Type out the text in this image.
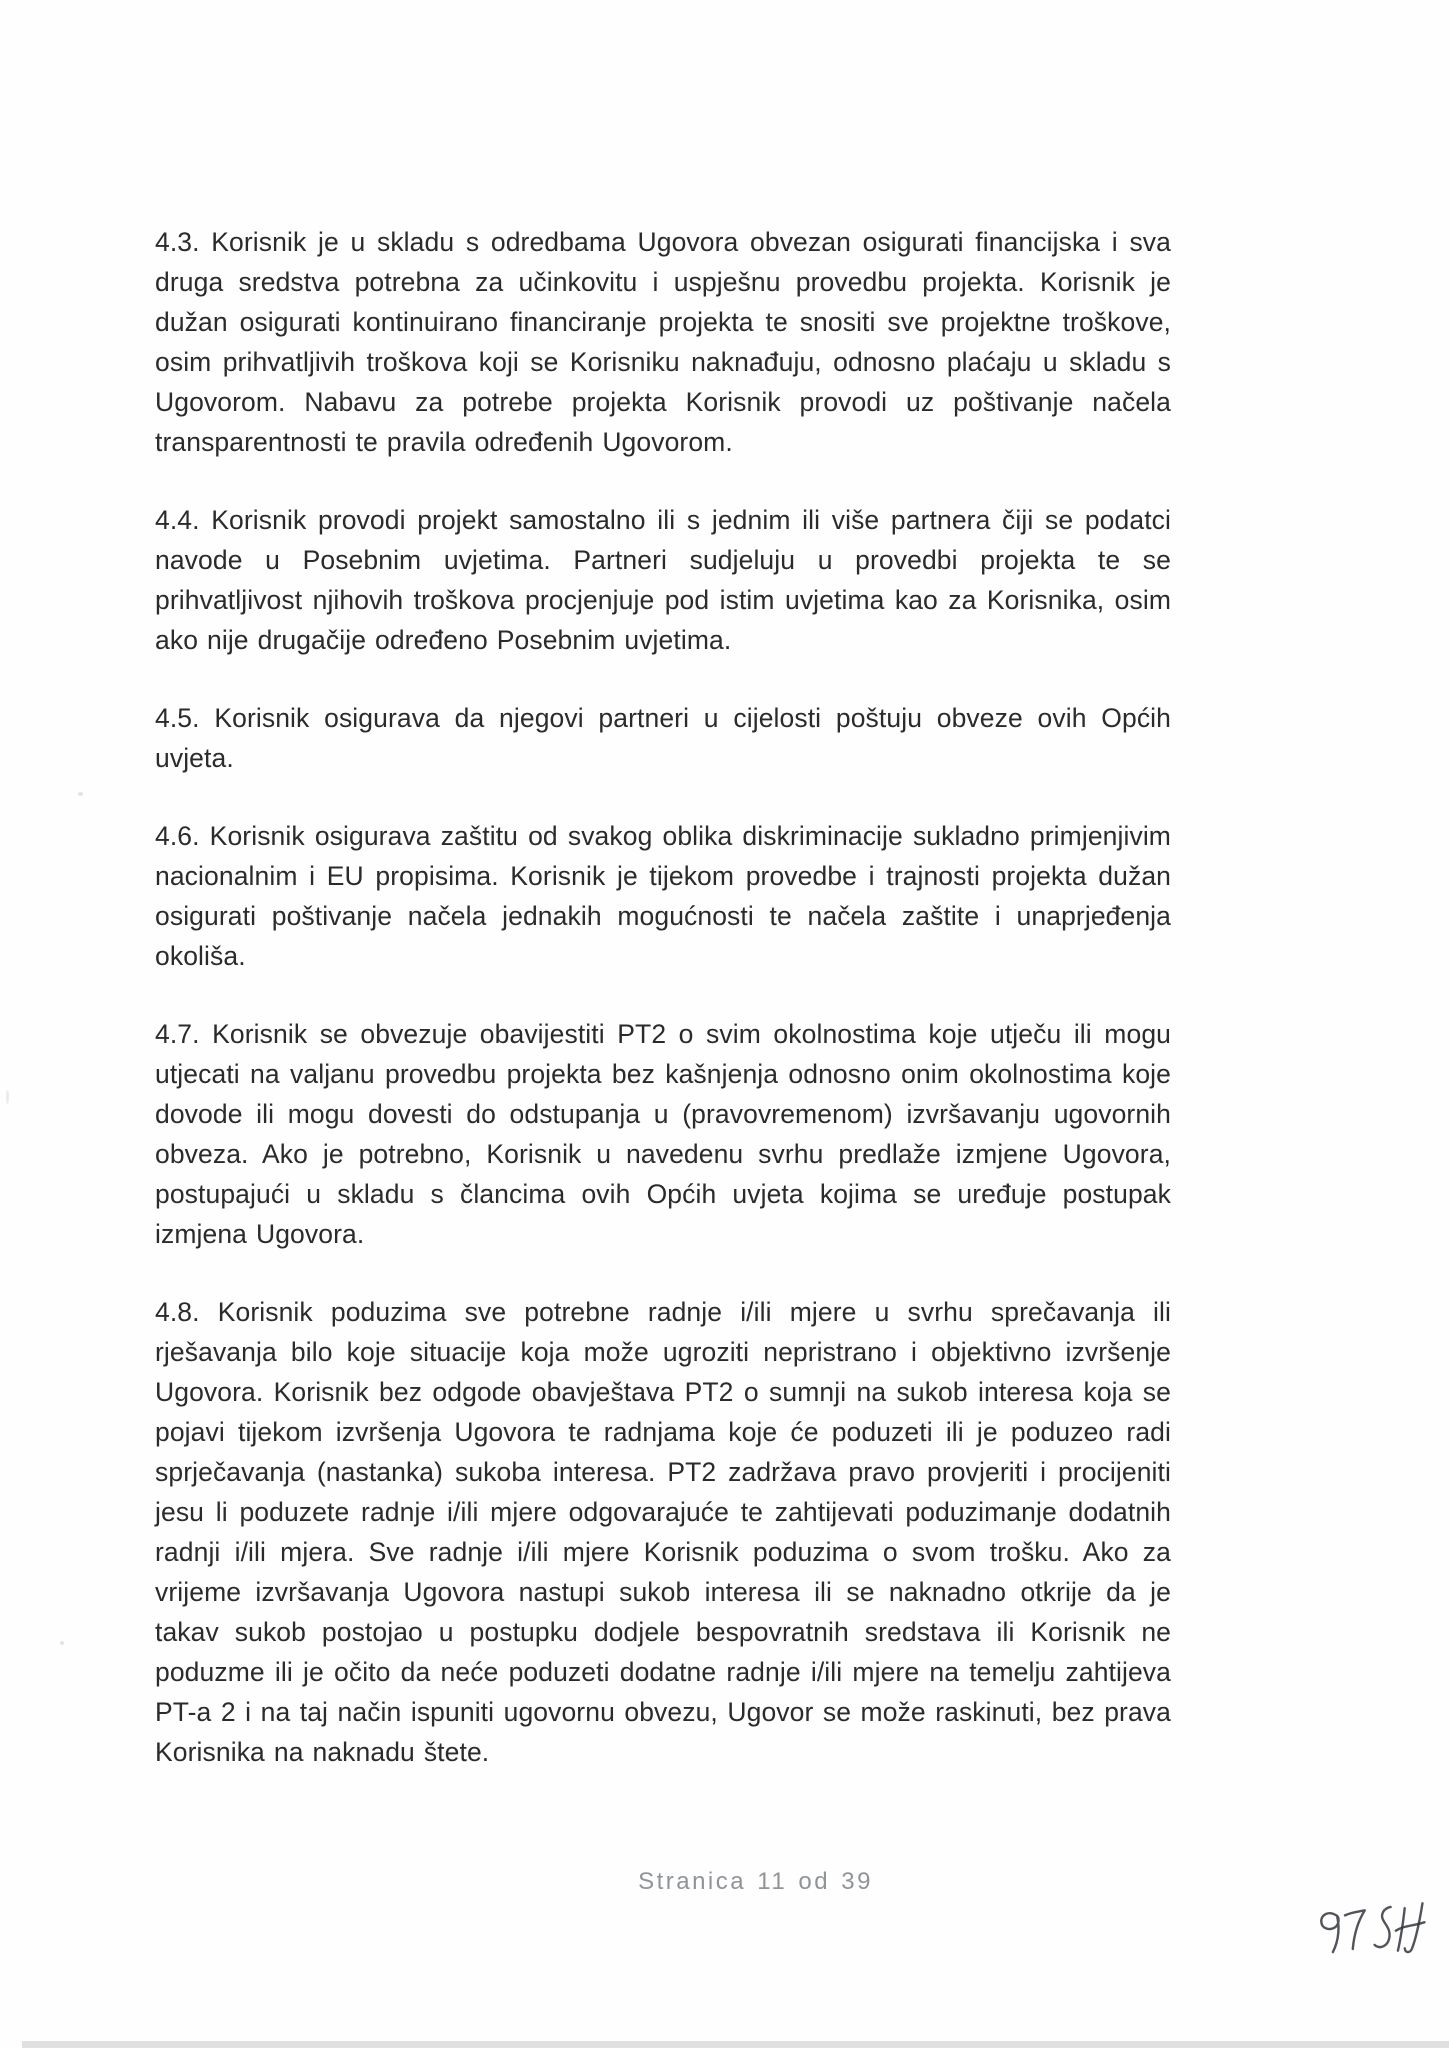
4.3. Korisnik je u skladu s odredbama Ugovora obvezan osigurati financijska i sva druga sredstva potrebna za učinkovitu i uspješnu provedbu projekta. Korisnik je dužan osigurati kontinuirano financiranje projekta te snositi sve projektne troškove, osim prihvatljivih troškova koji se Korisniku naknađuju, odnosno plaćaju u skladu s Ugovorom. Nabavu za potrebe projekta Korisnik provodi uz poštivanje načela transparentnosti te pravila određenih Ugovorom.

4.4. Korisnik provodi projekt samostalno ili s jednim ili više partnera čiji se podatci navode u Posebnim uvjetima. Partneri sudjeluju u provedbi projekta te se prihvatljivost njihovih troškova procjenjuje pod istim uvjetima kao za Korisnika, osim ako nije drugačije određeno Posebnim uvjetima.

4.5. Korisnik osigurava da njegovi partneri u cijelosti poštuju obveze ovih Općih uvjeta.

4.6. Korisnik osigurava zaštitu od svakog oblika diskriminacije sukladno primjenjivim nacionalnim i EU propisima. Korisnik je tijekom provedbe i trajnosti projekta dužan osigurati poštivanje načela jednakih mogućnosti te načela zaštite i unaprjeđenja okoliša.

4.7. Korisnik se obvezuje obavijestiti PT2 o svim okolnostima koje utječu ili mogu utjecati na valjanu provedbu projekta bez kašnjenja odnosno onim okolnostima koje dovode ili mogu dovesti do odstupanja u (pravovremenom) izvršavanju ugovornih obveza. Ako je potrebno, Korisnik u navedenu svrhu predlaže izmjene Ugovora, postupajući u skladu s člancima ovih Općih uvjeta kojima se uređuje postupak izmjena Ugovora.

4.8. Korisnik poduzima sve potrebne radnje i/ili mjere u svrhu sprečavanja ili rješavanja bilo koje situacije koja može ugroziti nepristrano i objektivno izvršenje Ugovora. Korisnik bez odgode obavještava PT2 o sumnji na sukob interesa koja se pojavi tijekom izvršenja Ugovora te radnjama koje će poduzeti ili je poduzeo radi sprječavanja (nastanka) sukoba interesa. PT2 zadržava pravo provjeriti i procijeniti jesu li poduzete radnje i/ili mjere odgovarajuće te zahtijevati poduzimanje dodatnih radnji i/ili mjera. Sve radnje i/ili mjere Korisnik poduzima o svom trošku. Ako za vrijeme izvršavanja Ugovora nastupi sukob interesa ili se naknadno otkrije da je takav sukob postojao u postupku dodjele bespovratnih sredstava ili Korisnik ne poduzme ili je očito da neće poduzeti dodatne radnje i/ili mjere na temelju zahtijeva PT-a 2 i na taj način ispuniti ugovornu obvezu, Ugovor se može raskinuti, bez prava Korisnika na naknadu štete.

Stranica 11 od 39
